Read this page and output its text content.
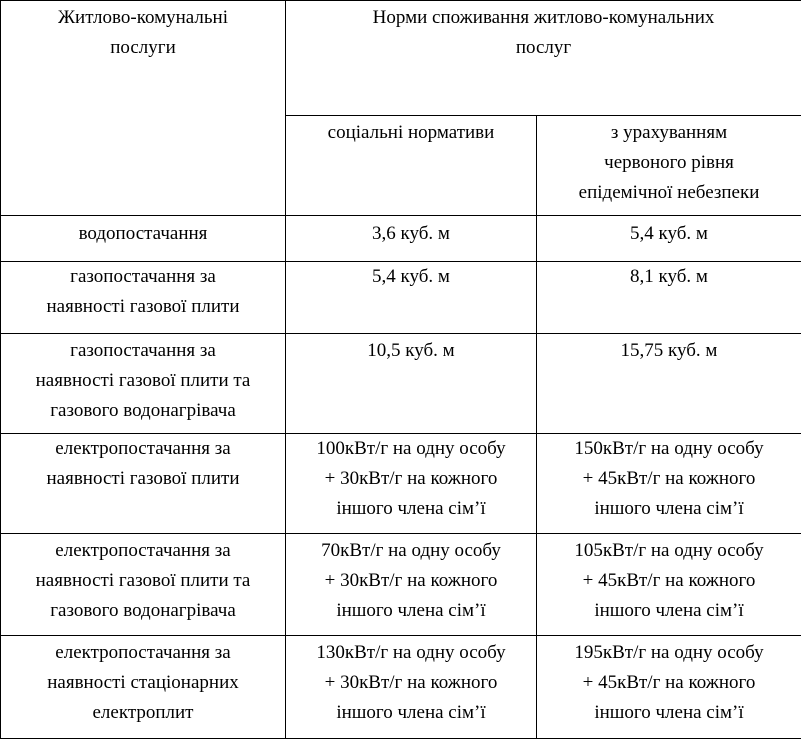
Житлово-комунальні
послуги	Норми споживання житлово-комунальних
послуг	

	соціальні нормативи	з урахуванням
червоного рівня
епідемічної небезпеки

водопостачання	3,6 куб. м	5,4 куб. м

газопостачання за
наявності газової плити	5,4 куб. м	8,1 куб. м

газопостачання за
наявності газової плити та
газового водонагрівача	10,5 куб. м	15,75 куб. м

електропостачання за
наявності газової плити	100кВт/г на одну особу
+ 30кВт/г на кожного
іншого члена сім’ї	150кВт/г на одну особу
+ 45кВт/г на кожного
іншого члена сім’ї

електропостачання за
наявності газової плити та
газового водонагрівача	70кВт/г на одну особу
+ 30кВт/г на кожного
іншого члена сім’ї	105кВт/г на одну особу
+ 45кВт/г на кожного
іншого члена сім’ї

електропостачання за
наявності стаціонарних
електроплит	130кВт/г на одну особу
+ 30кВт/г на кожного
іншого члена сім’ї	195кВт/г на одну особу
+ 45кВт/г на кожного
іншого члена сім’ї
